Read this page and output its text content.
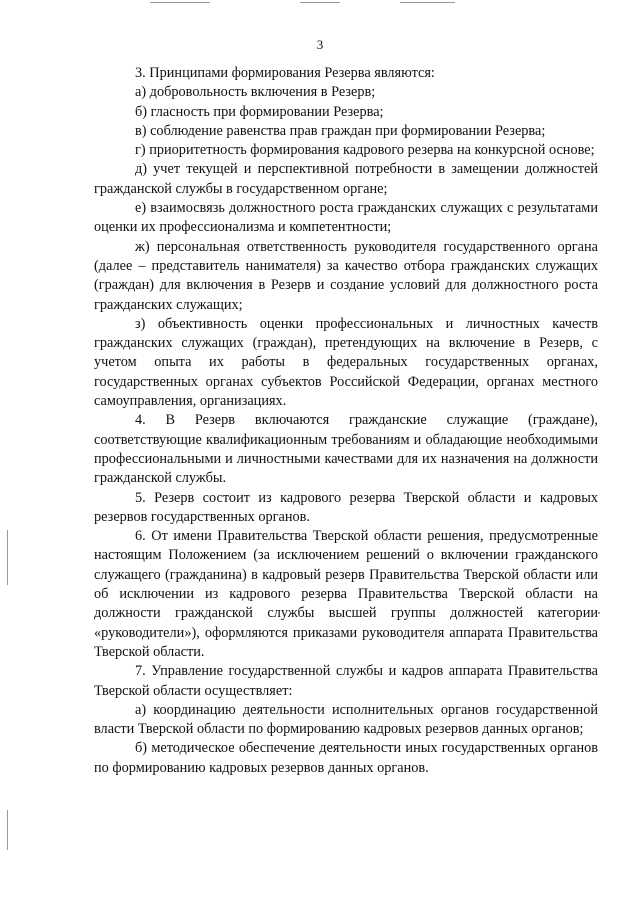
3

3. Принципами формирования Резерва являются:

а) добровольность включения в Резерв;

б) гласность при формировании Резерва;

в) соблюдение равенства прав граждан при формировании Резерва;

г) приоритетность формирования кадрового резерва на конкурсной основе;

д) учет текущей и перспективной потребности в замещении должностей гражданской службы в государственном органе;

е) взаимосвязь должностного роста гражданских служащих с результатами оценки их профессионализма и компетентности;

ж) персональная ответственность руководителя государственного органа (далее – представитель нанимателя) за качество отбора гражданских служащих (граждан) для включения в Резерв и создание условий для должностного роста гражданских служащих;

з) объективность оценки профессиональных и личностных качеств гражданских служащих (граждан), претендующих на включение в Резерв, с учетом опыта их работы в федеральных государственных органах, государственных органах субъектов Российской Федерации, органах местного самоуправления, организациях.

4. В Резерв включаются гражданские служащие (граждане), соответствующие квалификационным требованиям и обладающие необходимыми профессиональными и личностными качествами для их назначения на должности гражданской службы.

5. Резерв состоит из кадрового резерва Тверской области и кадровых резервов государственных органов.

6. От имени Правительства Тверской области решения, предусмотренные настоящим Положением (за исключением решений о включении гражданского служащего (гражданина) в кадровый резерв Правительства Тверской области или об исключении из кадрового резерва Правительства Тверской области на должности гражданской службы высшей группы должностей категории «руководители»), оформляются приказами руководителя аппарата Правительства Тверской области.

7. Управление государственной службы и кадров аппарата Правительства Тверской области осуществляет:

а) координацию деятельности исполнительных органов государственной власти Тверской области по формированию кадровых резервов данных органов;

б) методическое обеспечение деятельности иных государственных органов по формированию кадровых резервов данных органов.
